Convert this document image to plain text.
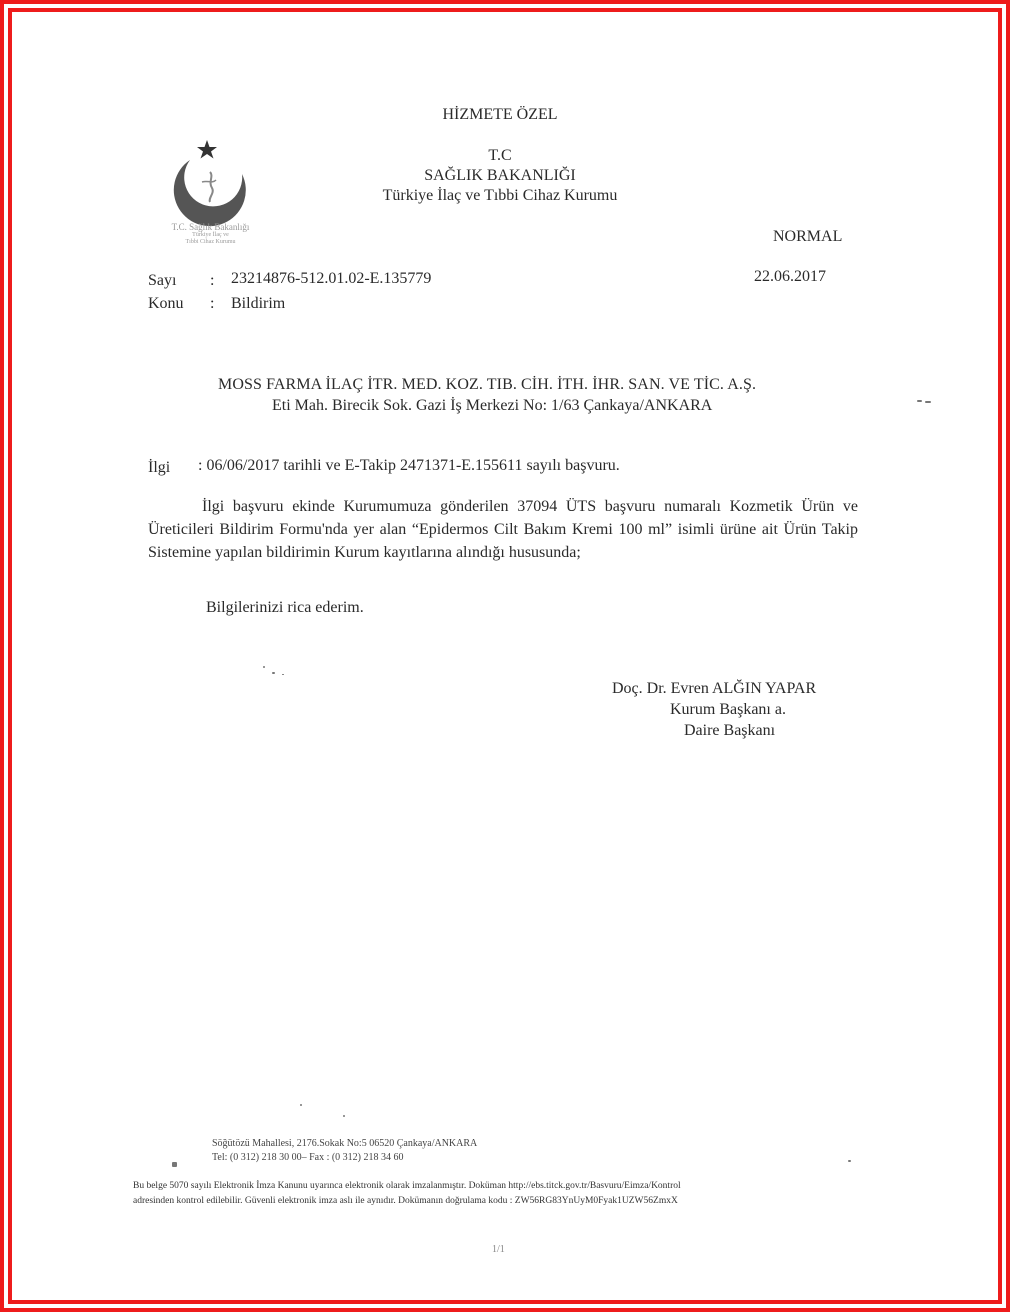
T.C. Sağlık Bakanlığı
Türkiye İlaç ve
Tıbbi Cihaz Kurumu
HİZMETE ÖZEL
T.C
SAĞLIK BAKANLIĞI
Türkiye İlaç ve Tıbbi Cihaz Kurumu
NORMAL
Sayı : 23214876-512.01.02-E.135779	22.06.2017
Konu : Bildirim
MOSS FARMA İLAÇ İTR. MED. KOZ. TIB. CİH. İTH. İHR. SAN. VE TİC. A.Ş.
Eti Mah. Birecik Sok. Gazi İş Merkezi No: 1/63 Çankaya/ANKARA
İlgi : 06/06/2017 tarihli ve E-Takip 2471371-E.155611 sayılı başvuru.

İlgi başvuru ekinde Kurumumuza gönderilen 37094 ÜTS başvuru numaralı Kozmetik Ürün ve Üreticileri Bildirim Formu'nda yer alan “Epidermos Cilt Bakım Kremi 100 ml” isimli ürüne ait Ürün Takip Sistemine yapılan bildirimin Kurum kayıtlarına alındığı hususunda;

Bilgilerinizi rica ederim.
Doç. Dr. Evren ALĞIN YAPAR
Kurum Başkanı a.
Daire Başkanı
Söğütözü Mahallesi, 2176.Sokak No:5 06520 Çankaya/ANKARA
Tel: (0 312) 218 30 00– Fax : (0 312) 218 34 60
Bu belge 5070 sayılı Elektronik İmza Kanunu uyarınca elektronik olarak imzalanmıştır. Doküman http://ebs.titck.gov.tr/Basvuru/Eimza/Kontrol
adresinden kontrol edilebilir. Güvenli elektronik imza aslı ile aynıdır. Dokümanın doğrulama kodu : ZW56RG83YnUyM0Fyak1UZW56ZmxX
1/1
